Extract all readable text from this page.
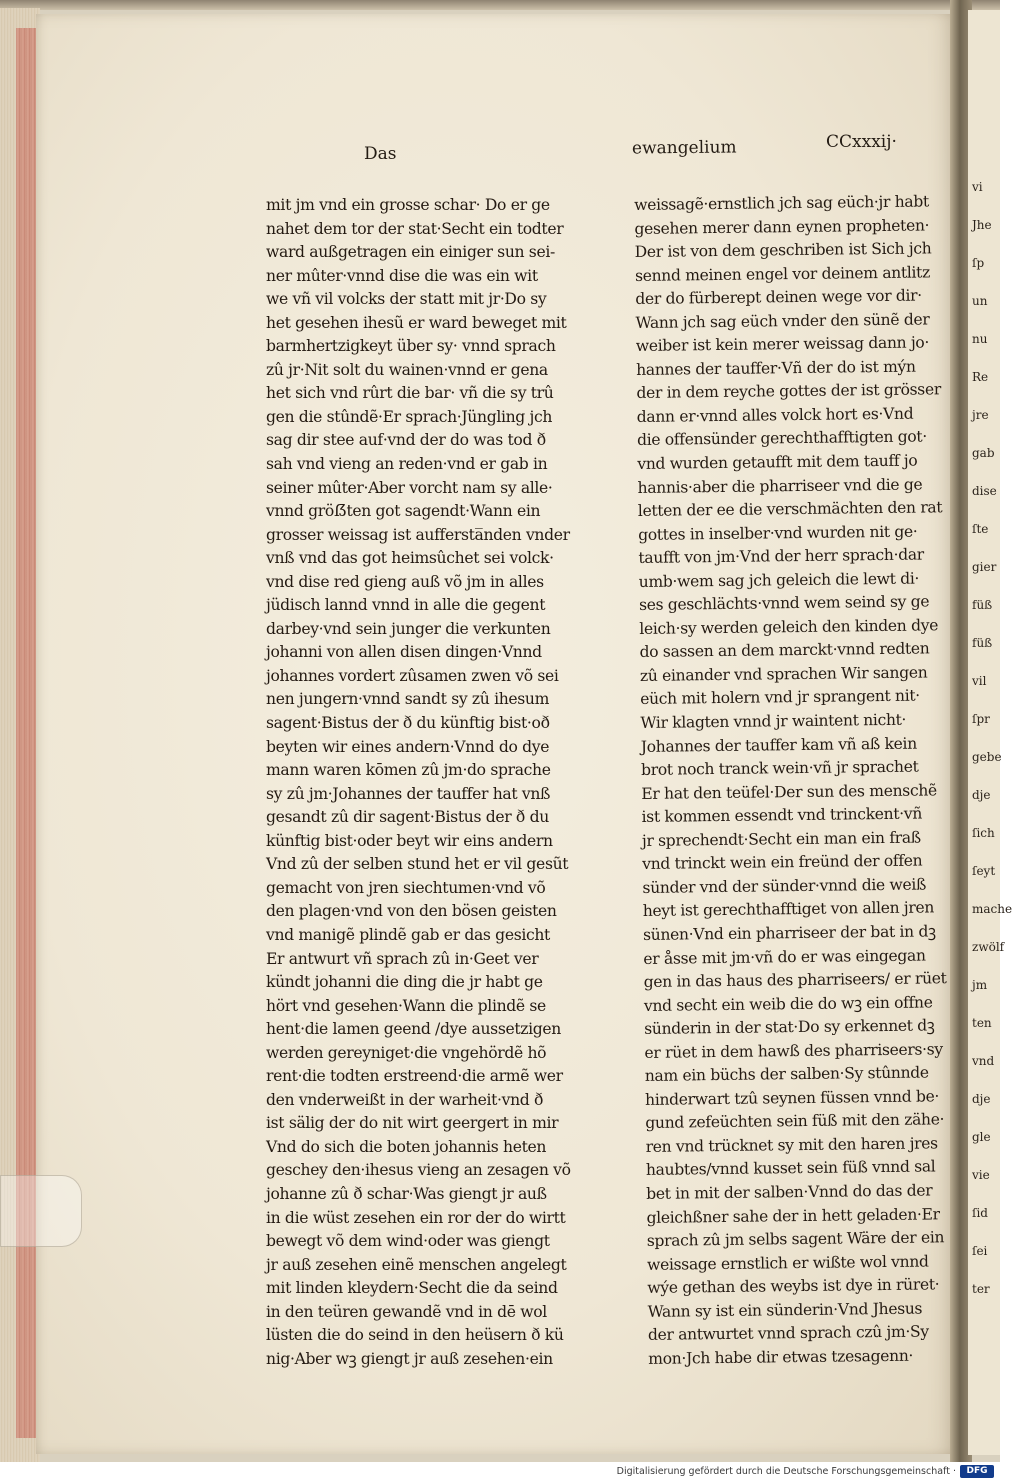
Das	ewangelium	CCxxxij·
mit jm vnd ein grosse schar· Do er ge
nahet dem tor der stat·Secht ein todter
ward außgetragen ein einiger sun sei-
ner mûter·vnnd dise die was ein wit
we vñ vil volcks der statt mit jr·Do sy
het gesehen ihesũ er ward beweget mit
barmhertzigkeyt über sy· vnnd sprach
zû jr·Nit solt du wainen·vnnd er gena
het sich vnd rûrt die bar· vñ die sy trû
gen die stûndẽ·Er sprach·Jüngling jch
sag dir stee auf·vnd der do was tod ð
sah vnd vieng an reden·vnd er gab in
seiner mûter·Aber vorcht nam sy alle·
vnnd gröẞten got sagendt·Wann ein
grosser weissag ist auffersta̅nden vnder
vnß vnd das got heimsûchet sei volck·
vnd dise red gieng auß võ jm in alles
jüdisch lannd vnnd in alle die gegent
darbey·vnd sein junger die verkunten
johanni von allen disen dingen·Vnnd
johannes vordert zûsamen zwen võ sei
nen jungern·vnnd sandt sy zû ihesum
sagent·Bistus der ð du künftig bist·oð
beyten wir eines andern·Vnnd do dye
mann waren kōmen zû jm·do sprache
sy zû jm·Johannes der tauffer hat vnß
gesandt zû dir sagent·Bistus der ð du
künftig bist·oder beyt wir eins andern
Vnd zû der selben stund het er vil gesũt
gemacht von jren siechtumen·vnd võ
den plagen·vnd von den bösen geisten
vnd manigẽ plindẽ gab er das gesicht
Er antwurt vñ sprach zû in·Geet ver
kündt johanni die ding die jr habt ge
hört vnd gesehen·Wann die plindẽ se
hent·die lamen geend /dye aussetzigen
werden gereyniget·die vngehördẽ hõ
rent·die todten erstreend·die armẽ wer
den vnderweißt in der warheit·vnd ð
ist sälig der do nit wirt geergert in mir
Vnd do sich die boten johannis heten
geschey den·ihesus vieng an zesagen võ
johanne zû ð schar·Was giengt jr auß
in die wüst zesehen ein ror der do wirtt
bewegt võ dem wind·oder was giengt
jr auß zesehen einẽ menschen angelegt
mit linden kleydern·Secht die da seind
in den teüren gewandẽ vnd in dē wol
lüsten die do seind in den heüsern ð kü
nig·Aber wꝫ giengt jr auß zesehen·ein
weissagẽ·ernstlich jch sag eüch·jr habt
gesehen merer dann eynen propheten·
Der ist von dem geschriben ist Sich jch
sennd meinen engel vor deinem antlitz
der do fürberept deinen wege vor dir·
Wann jch sag eüch vnder den sünẽ der
weiber ist kein merer weissag dann jo·
hannes der tauffer·Vñ der do ist mýn
der in dem reyche gottes der ist grösser
dann er·vnnd alles volck hort es·Vnd
die offensünder gerechthafftigten got·
vnd wurden getaufft mit dem tauff jo
hannis·aber die pharriseer vnd die ge
letten der ee die verschmächten den rat
gottes in inselber·vnd wurden nit ge·
taufft von jm·Vnd der herr sprach·dar
umb·wem sag jch geleich die lewt di·
ses geschlächts·vnnd wem seind sy ge
leich·sy werden geleich den kinden dye
do sassen an dem marckt·vnnd redten
zû einander vnd sprachen Wir sangen
eüch mit holern vnd jr sprangent nit·
Wir klagten vnnd jr waintent nicht·
Johannes der tauffer kam vñ aß kein
brot noch tranck wein·vñ jr sprachet
Er hat den teüfel·Der sun des menschẽ
ist kommen essendt vnd trinckent·vñ
jr sprechendt·Secht ein man ein fraß
vnd trinckt wein ein freünd der offen
sünder vnd der sünder·vnnd die weiß
heyt ist gerechthafftiget von allen jren
sünen·Vnd ein pharriseer der bat in dꝫ
er åsse mit jm·vñ do er was eingegan
gen in das haus des pharriseers/ er rüet
vnd secht ein weib die do wꝫ ein offne
sünderin in der stat·Do sy erkennet dꝫ
er rüet in dem hawß des pharriseers·sy
nam ein büchs der salben·Sy stûnnde
hinderwart tzû seynen füssen vnnd be·
gund zefeüchten sein füß mit den zähe·
ren vnd trücknet sy mit den haren jres
haubtes/vnnd kusset sein füß vnnd sal
bet in mit der salben·Vnnd do das der
gleichßner sahe der in hett geladen·Er
sprach zû jm selbs sagent Wäre der ein
weissage ernstlich er wißte wol vnnd
wýe gethan des weybs ist dye in rüret·
Wann sy ist ein sünderin·Vnd Jhesus
der antwurtet vnnd sprach czû jm·Sy
mon·Jch habe dir etwas tzesagenn·
vi
Jhe
ſp
un
nu
Re
jre
gab
dise
ſte
gier
füß
füß
vil
ſpr
gebe
dje
ſich
ſeyt
mache
zwölf
jm
ten
vnd
dje
gle
vie
ſid
ſei
ter
Digitalisierung gefördert durch die Deutsche Forschungsgemeinschaft ·	DFG
